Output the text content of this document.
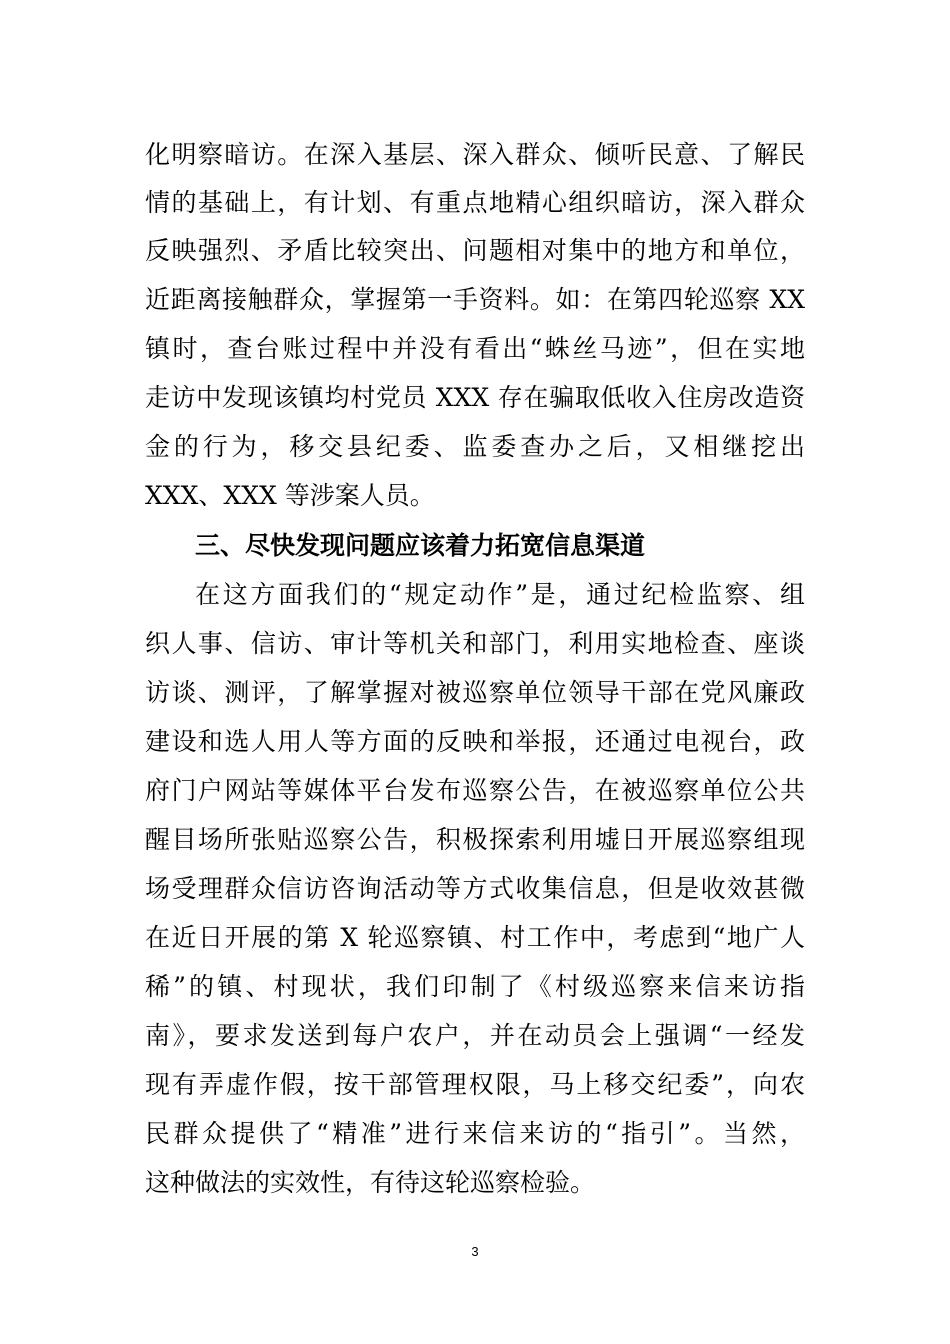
化明察暗访。在深入基层、深入群众、倾听民意、了解民
情的基础上，有计划、有重点地精心组织暗访，深入群众
反映强烈、矛盾比较突出、问题相对集中的地方和单位，
近距离接触群众，掌握第一手资料。如：在第四轮巡察 XX
镇时，查台账过程中并没有看出“蛛丝马迹”，但在实地
走访中发现该镇均村党员 XXX 存在骗取低收入住房改造资
金的行为，移交县纪委、监委查办之后，又相继挖出
XXX、XXX 等涉案人员。
三、尽快发现问题应该着力拓宽信息渠道
在这方面我们的“规定动作”是，通过纪检监察、组
织人事、信访、审计等机关和部门，利用实地检查、座谈
访谈、测评，了解掌握对被巡察单位领导干部在党风廉政
建设和选人用人等方面的反映和举报，还通过电视台，政
府门户网站等媒体平台发布巡察公告，在被巡察单位公共
醒目场所张贴巡察公告，积极探索利用墟日开展巡察组现
场受理群众信访咨询活动等方式收集信息，但是收效甚微
在近日开展的第 X 轮巡察镇、村工作中，考虑到“地广人
稀”的镇、村现状，我们印制了《村级巡察来信来访指
南》，要求发送到每户农户，并在动员会上强调“一经发
现有弄虚作假，按干部管理权限，马上移交纪委”，向农
民群众提供了“精准”进行来信来访的“指引”。当然，
这种做法的实效性，有待这轮巡察检验。
3
